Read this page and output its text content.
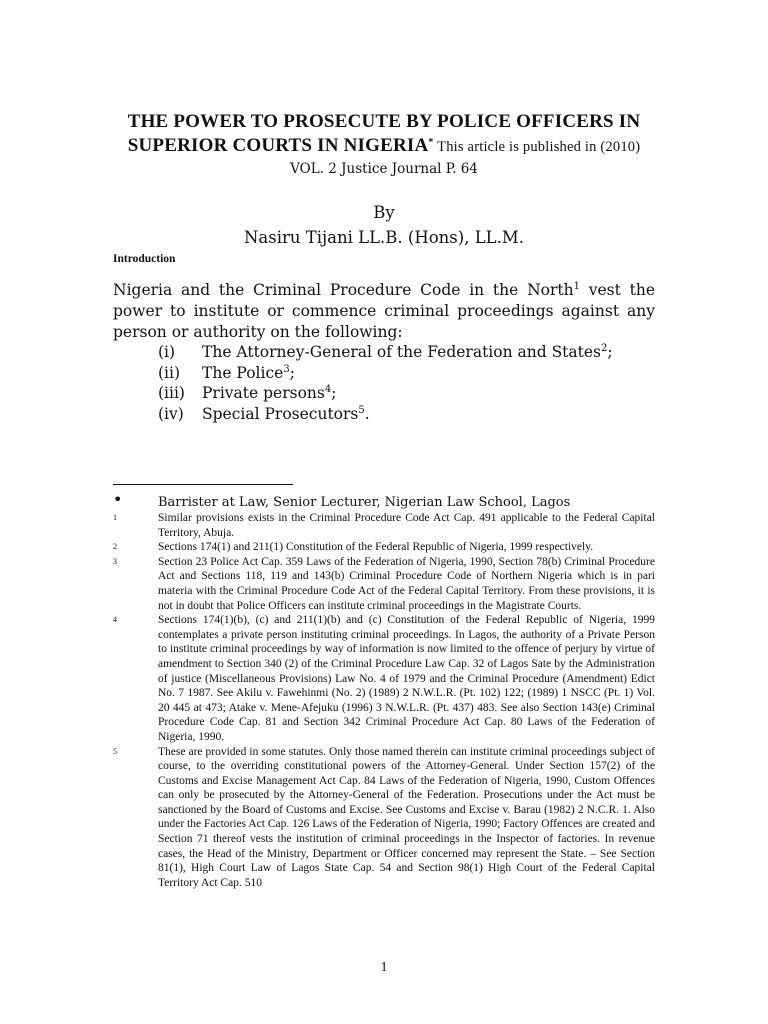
THE POWER TO PROSECUTE BY POLICE OFFICERS IN
SUPERIOR COURTS IN NIGERIA* This article is published in (2010)
VOL. 2 Justice Journal P. 64
By
Nasiru Tijani LL.B. (Hons), LL.M.
Introduction
Nigeria and the Criminal Procedure Code in the North$^1$ vest the power to institute or commence criminal proceedings against any person or authority on the following:
(i)	The Attorney-General of the Federation and States$^2$;
(ii)	The Police$^3$;
(iii)	Private persons$^4$;
(iv)	Special Prosecutors$^5$.
•	Barrister at Law, Senior Lecturer, Nigerian Law School, Lagos
1	Similar provisions exists in the Criminal Procedure Code Act Cap. 491 applicable to the Federal Capital Territory, Abuja.
2	Sections 174(1) and 211(1) Constitution of the Federal Republic of Nigeria, 1999 respectively.
3	Section 23 Police Act Cap. 359 Laws of the Federation of Nigeria, 1990, Section 78(b) Criminal Procedure Act and Sections 118, 119 and 143(b) Criminal Procedure Code of Northern Nigeria which is in pari materia with the Criminal Procedure Code Act of the Federal Capital Territory. From these provisions, it is not in doubt that Police Officers can institute criminal proceedings in the Magistrate Courts.
4	Sections 174(1)(b), (c) and 211(1)(b) and (c) Constitution of the Federal Republic of Nigeria, 1999 contemplates a private person instituting criminal proceedings. In Lagos, the authority of a Private Person to institute criminal proceedings by way of information is now limited to the offence of perjury by virtue of amendment to Section 340 (2) of the Criminal Procedure Law Cap. 32 of Lagos Sate by the Administration of justice (Miscellaneous Provisions) Law No. 4 of 1979 and the Criminal Procedure (Amendment) Edict No. 7 1987. See Akilu v. Fawehinmi (No. 2) (1989) 2 N.W.L.R. (Pt. 102) 122; (1989) 1 NSCC (Pt. 1) Vol. 20 445 at 473; Atake v. Mene-Afejuku (1996) 3 N.W.L.R. (Pt. 437) 483. See also Section 143(e) Criminal Procedure Code Cap. 81 and Section 342 Criminal Procedure Act Cap. 80 Laws of the Federation of Nigeria, 1990.
5	These are provided in some statutes. Only those named therein can institute criminal proceedings subject of course, to the overriding constitutional powers of the Attorney-General. Under Section 157(2) of the Customs and Excise Management Act Cap. 84 Laws of the Federation of Nigeria, 1990, Custom Offences can only be prosecuted by the Attorney-General of the Federation. Prosecutions under the Act must be sanctioned by the Board of Customs and Excise. See Customs and Excise v. Barau (1982) 2 N.C.R. 1. Also under the Factories Act Cap. 126 Laws of the Federation of Nigeria, 1990; Factory Offences are created and Section 71 thereof vests the institution of criminal proceedings in the Inspector of factories. In revenue cases, the Head of the Ministry, Department or Officer concerned may represent the State. – See Section 81(1), High Court Law of Lagos State Cap. 54 and Section 98(1) High Court of the Federal Capital Territory Act Cap. 510
1
